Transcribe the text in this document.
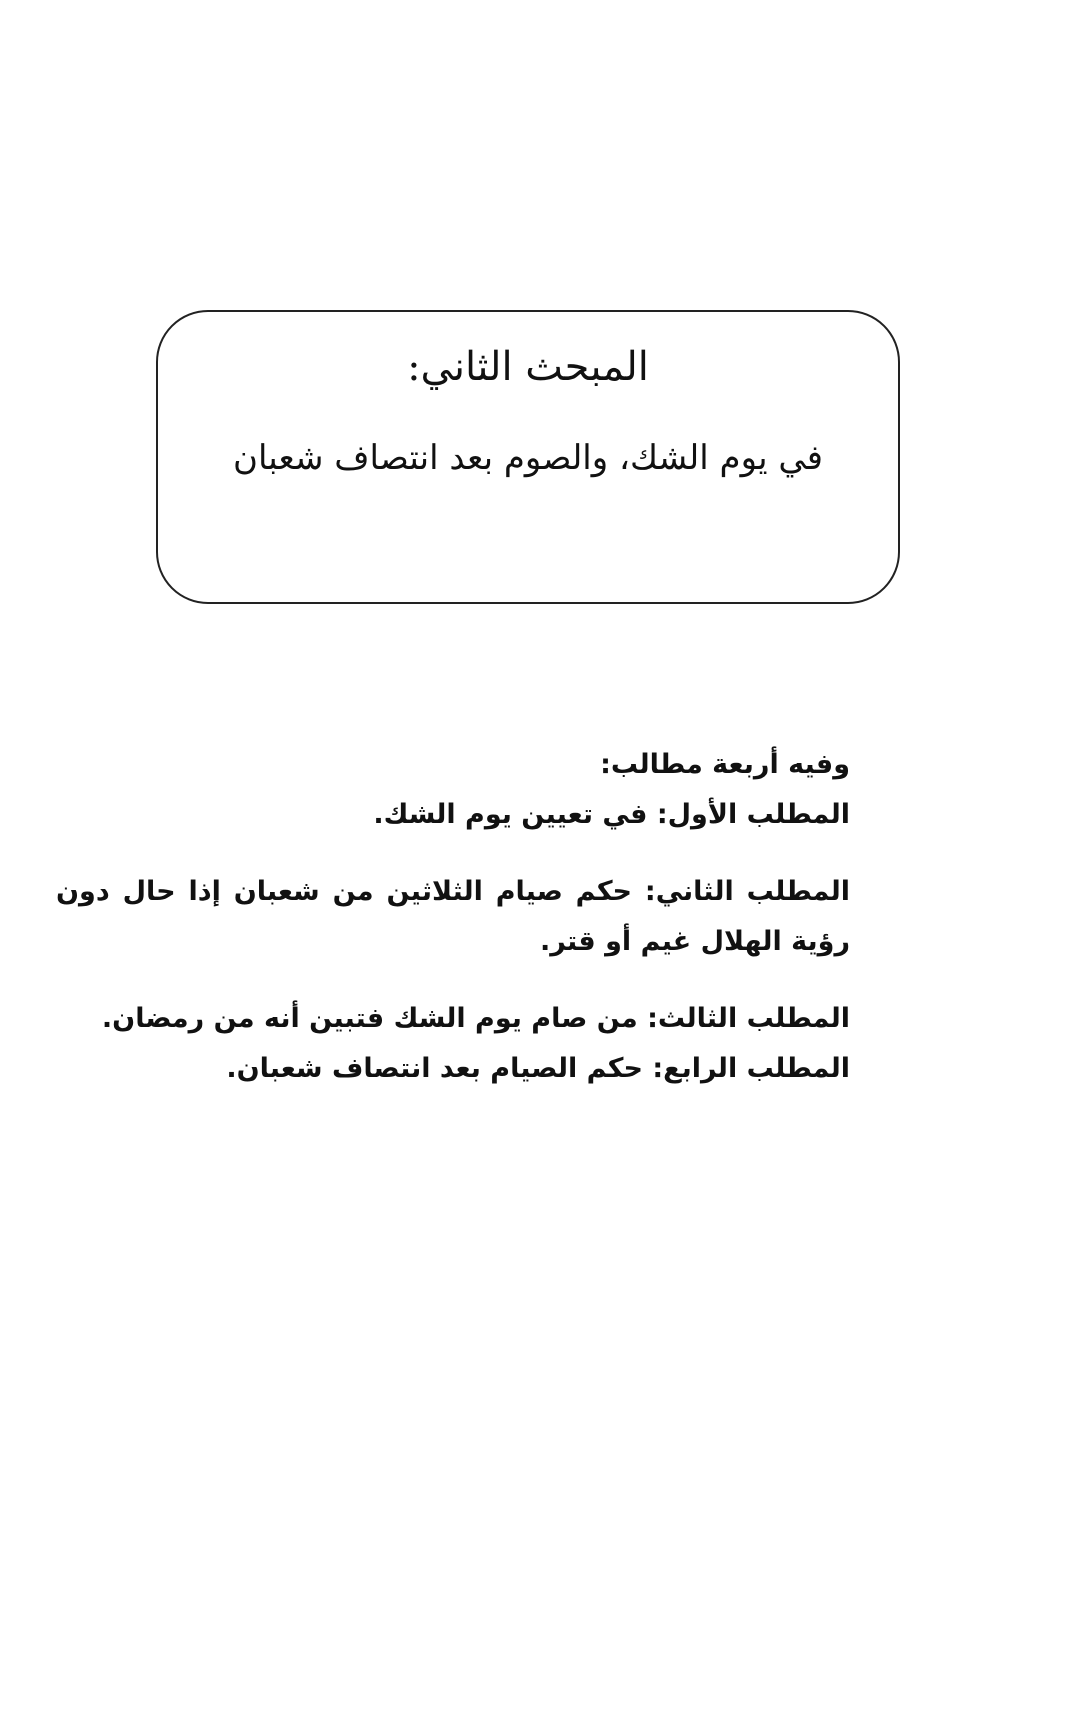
المبحث الثاني:
في يوم الشك، والصوم بعد انتصاف شعبان

وفيه أربعة مطالب:

المطلب الأول: في تعيين يوم الشك.

المطلب الثاني: حكم صيام الثلاثين من شعبان إذا حال دون رؤية الهلال غيم أو قتر.

المطلب الثالث: من صام يوم الشك فتبين أنه من رمضان.

المطلب الرابع: حكم الصيام بعد انتصاف شعبان.
